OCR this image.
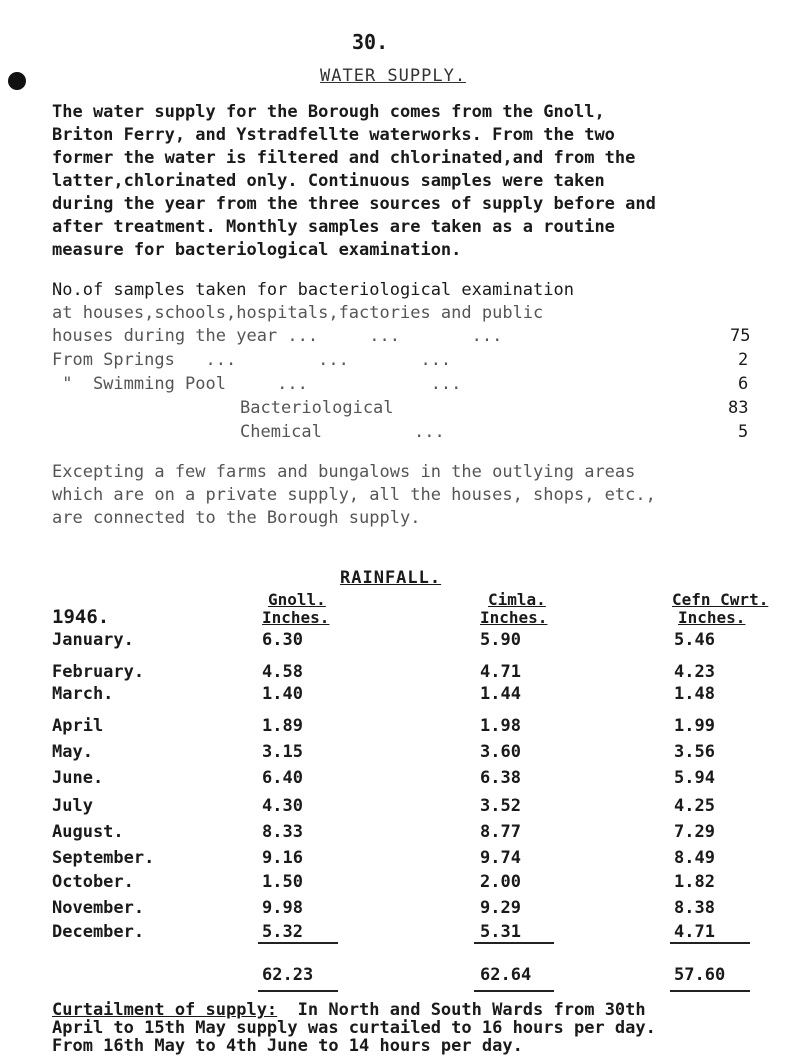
30.
WATER SUPPLY.
The water supply for the Borough comes from the Gnoll,
Briton Ferry, and Ystradfellte waterworks. From the two
former the water is filtered and chlorinated,and from the
latter,chlorinated only. Continuous samples were taken
during the year from the three sources of supply before and
after treatment. Monthly samples are taken as a routine
measure for bacteriological examination.
No.of samples taken for bacteriological examination
at houses,schools,hospitals,factories and public
houses during the year ...     ...       ...	75
From Springs   ...        ...       ...	2
"  Swimming Pool     ...            ...	6
Bacteriological	83
Chemical         ...	5
Excepting a few farms and bungalows in the outlying areas
which are on a private supply, all the houses, shops, etc.,
are connected to the Borough supply.
RAINFALL.
1946.
Gnoll.
Inches.
Cimla.
Inches.
Cefn Cwrt.
Inches.
January.	6.30	5.90	5.46
February.	4.58	4.71	4.23
March.	1.40	1.44	1.48
April	1.89	1.98	1.99
May.	3.15	3.60	3.56
June.	6.40	6.38	5.94
July	4.30	3.52	4.25
August.	8.33	8.77	7.29
September.	9.16	9.74	8.49
October.	1.50	2.00	1.82
November.	9.98	9.29	8.38
December.	5.32	5.31	4.71
62.23	62.64	57.60
Curtailment of supply:  In North and South Wards from 30th
April to 15th May supply was curtailed to 16 hours per day.
From 16th May to 4th June to 14 hours per day.
